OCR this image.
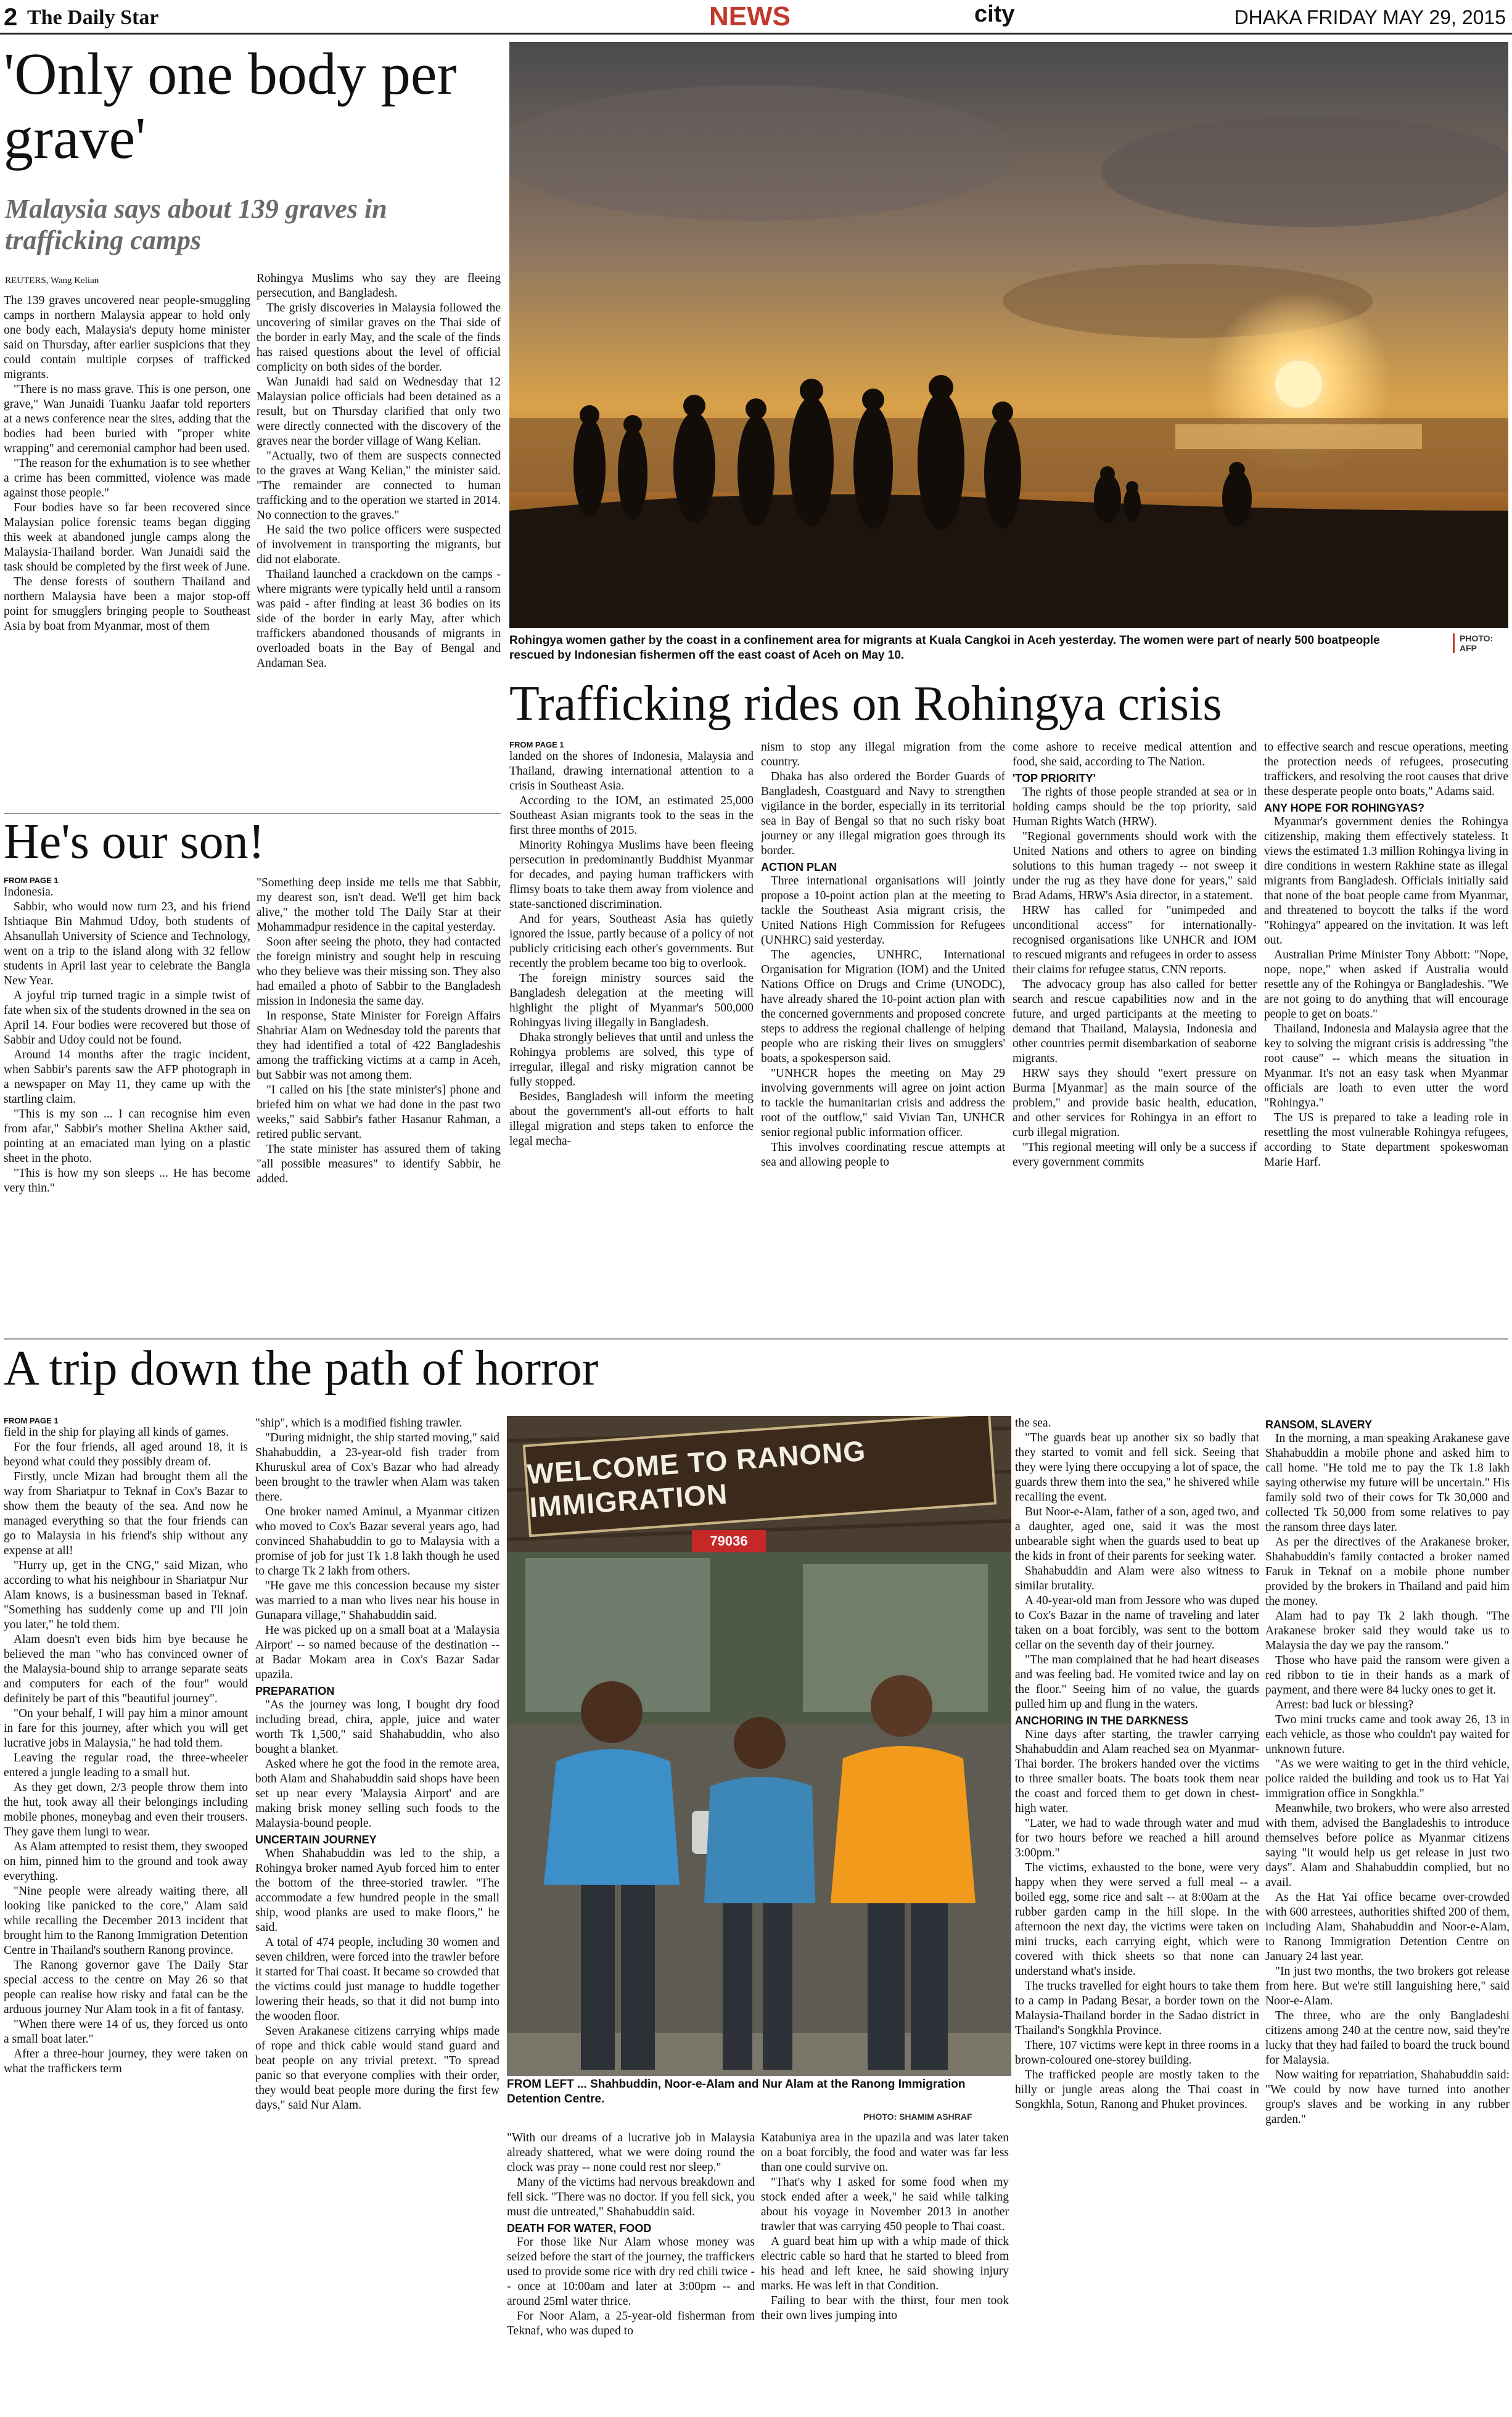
2 The Daily Star	NEWS	city	DHAKA FRIDAY MAY 29, 2015
'Only one body per grave'
Malaysia says about 139 graves in trafficking camps
REUTERS, Wang Kelian

The 139 graves uncovered near people-smuggling camps in northern Malaysia appear to hold only one body each, Malaysia's deputy home minister said on Thursday, after earlier suspicions that they could contain multiple corpses of trafficked migrants.

"There is no mass grave. This is one person, one grave," Wan Junaidi Tuanku Jaafar told reporters at a news conference near the sites, adding that the bodies had been buried with "proper white wrapping" and ceremonial camphor had been used.

"The reason for the exhumation is to see whether a crime has been committed, violence was made against those people."

Four bodies have so far been recovered since Malaysian police forensic teams began digging this week at abandoned jungle camps along the Malaysia-Thailand border. Wan Junaidi said the task should be completed by the first week of June.

The dense forests of southern Thailand and northern Malaysia have been a major stop-off point for smugglers bringing people to Southeast Asia by boat from Myanmar, most of them

Rohingya Muslims who say they are fleeing persecution, and Bangladesh.

The grisly discoveries in Malaysia followed the uncovering of similar graves on the Thai side of the border in early May, and the scale of the finds has raised questions about the level of official complicity on both sides of the border.

Wan Junaidi had said on Wednesday that 12 Malaysian police officials had been detained as a result, but on Thursday clarified that only two were directly connected with the discovery of the graves near the border village of Wang Kelian.

"Actually, two of them are suspects connected to the graves at Wang Kelian," the minister said. "The remainder are connected to human trafficking and to the operation we started in 2014. No connection to the graves."

He said the two police officers were suspected of involvement in transporting the migrants, but did not elaborate.

Thailand launched a crackdown on the camps - where migrants were typically held until a ransom was paid - after finding at least 36 bodies on its side of the border in early May, after which traffickers abandoned thousands of migrants in overloaded boats in the Bay of Bengal and Andaman Sea.

Rohingya women gather by the coast in a confinement area for migrants at Kuala Cangkoi in Aceh yesterday. The women were part of nearly 500 boatpeople rescued by Indonesian fishermen off the east coast of Aceh on May 10.
PHOTO:
AFP
Trafficking rides on Rohingya crisis
FROM PAGE 1

landed on the shores of Indonesia, Malaysia and Thailand, drawing international attention to a crisis in Southeast Asia.

According to the IOM, an estimated 25,000 Southeast Asian migrants took to the seas in the first three months of 2015.

Minority Rohingya Muslims have been fleeing persecution in predominantly Buddhist Myanmar for decades, and paying human traffickers with flimsy boats to take them away from violence and state-sanctioned discrimination.

And for years, Southeast Asia has quietly ignored the issue, partly because of a policy of not publicly criticising each other's governments. But recently the problem became too big to overlook.

The foreign ministry sources said the Bangladesh delegation at the meeting will highlight the plight of Myanmar's 500,000 Rohingyas living illegally in Bangladesh.

Dhaka strongly believes that until and unless the Rohingya problems are solved, this type of irregular, illegal and risky migration cannot be fully stopped.

Besides, Bangladesh will inform the meeting about the government's all-out efforts to halt illegal migration and steps taken to enforce the legal mecha-

nism to stop any illegal migration from the country.

Dhaka has also ordered the Border Guards of Bangladesh, Coastguard and Navy to strengthen vigilance in the border, especially in its territorial sea in Bay of Bengal so that no such risky boat journey or any illegal migration goes through its border.

ACTION PLAN

Three international organisations will jointly propose a 10-point action plan at the meeting to tackle the Southeast Asia migrant crisis, the United Nations High Commission for Refugees (UNHRC) said yesterday.

The agencies, UNHRC, International Organisation for Migration (IOM) and the United Nations Office on Drugs and Crime (UNODC), have already shared the 10-point action plan with the concerned governments and proposed concrete steps to address the regional challenge of helping people who are risking their lives on smugglers' boats, a spokesperson said.

"UNHCR hopes the meeting on May 29 involving governments will agree on joint action to tackle the humanitarian crisis and address the root of the outflow," said Vivian Tan, UNHCR senior regional public information officer.

This involves coordinating rescue attempts at sea and allowing people to

come ashore to receive medical attention and food, she said, according to The Nation.

'TOP PRIORITY'

The rights of those people stranded at sea or in holding camps should be the top priority, said Human Rights Watch (HRW).

"Regional governments should work with the United Nations and others to agree on binding solutions to this human tragedy -- not sweep it under the rug as they have done for years," said Brad Adams, HRW's Asia director, in a statement.

HRW has called for "unimpeded and unconditional access" for internationally-recognised organisations like UNHCR and IOM to rescued migrants and refugees in order to assess their claims for refugee status, CNN reports.

The advocacy group has also called for better search and rescue capabilities now and in the future, and urged participants at the meeting to demand that Thailand, Malaysia, Indonesia and other countries permit disembarkation of seaborne migrants.

HRW says they should "exert pressure on Burma [Myanmar] as the main source of the problem," and provide basic health, education, and other services for Rohingya in an effort to curb illegal migration.

"This regional meeting will only be a success if every government commits

to effective search and rescue operations, meeting the protection needs of refugees, prosecuting traffickers, and resolving the root causes that drive these desperate people onto boats," Adams said.

ANY HOPE FOR ROHINGYAS?

Myanmar's government denies the Rohingya citizenship, making them effectively stateless. It views the estimated 1.3 million Rohingya living in dire conditions in western Rakhine state as illegal migrants from Bangladesh. Officials initially said that none of the boat people came from Myanmar, and threatened to boycott the talks if the word "Rohingya" appeared on the invitation. It was left out.

Australian Prime Minister Tony Abbott: "Nope, nope, nope," when asked if Australia would resettle any of the Rohingya or Bangladeshis. "We are not going to do anything that will encourage people to get on boats."

Thailand, Indonesia and Malaysia agree that the key to solving the migrant crisis is addressing "the root cause" -- which means the situation in Myanmar. It's not an easy task when Myanmar officials are loath to even utter the word "Rohingya."

The US is prepared to take a leading role in resettling the most vulnerable Rohingya refugees, according to State department spokeswoman Marie Harf.

He's our son!
FROM PAGE 1

Indonesia.

Sabbir, who would now turn 23, and his friend Ishtiaque Bin Mahmud Udoy, both students of Ahsanullah University of Science and Technology, went on a trip to the island along with 32 fellow students in April last year to celebrate the Bangla New Year.

A joyful trip turned tragic in a simple twist of fate when six of the students drowned in the sea on April 14. Four bodies were recovered but those of Sabbir and Udoy could not be found.

Around 14 months after the tragic incident, when Sabbir's parents saw the AFP photograph in a newspaper on May 11, they came up with the startling claim.

"This is my son ... I can recognise him even from afar," Sabbir's mother Shelina Akther said, pointing at an emaciated man lying on a plastic sheet in the photo.

"This is how my son sleeps ... He has become very thin."

"Something deep inside me tells me that Sabbir, my dearest son, isn't dead. We'll get him back alive," the mother told The Daily Star at their Mohammadpur residence in the capital yesterday.

Soon after seeing the photo, they had contacted the foreign ministry and sought help in rescuing who they believe was their missing son. They also had emailed a photo of Sabbir to the Bangladesh mission in Indonesia the same day.

In response, State Minister for Foreign Affairs Shahriar Alam on Wednesday told the parents that they had identified a total of 422 Bangladeshis among the trafficking victims at a camp in Aceh, but Sabbir was not among them.

"I called on his [the state minister's] phone and briefed him on what we had done in the past two weeks," said Sabbir's father Hasanur Rahman, a retired public servant.

The state minister has assured them of taking "all possible measures" to identify Sabbir, he added.

A trip down the path of horror
FROM PAGE 1

field in the ship for playing all kinds of games.

For the four friends, all aged around 18, it is beyond what could they possibly dream of.

Firstly, uncle Mizan had brought them all the way from Shariatpur to Teknaf in Cox's Bazar to show them the beauty of the sea. And now he managed everything so that the four friends can go to Malaysia in his friend's ship without any expense at all!

"Hurry up, get in the CNG," said Mizan, who according to what his neighbour in Shariatpur Nur Alam knows, is a businessman based in Teknaf. "Something has suddenly come up and I'll join you later," he told them.

Alam doesn't even bids him bye because he believed the man "who has convinced owner of the Malaysia-bound ship to arrange separate seats and computers for each of the four" would definitely be part of this "beautiful journey".

"On your behalf, I will pay him a minor amount in fare for this journey, after which you will get lucrative jobs in Malaysia," he had told them.

Leaving the regular road, the three-wheeler entered a jungle leading to a small hut.

As they get down, 2/3 people throw them into the hut, took away all their belongings including mobile phones, moneybag and even their trousers. They gave them lungi to wear.

As Alam attempted to resist them, they swooped on him, pinned him to the ground and took away everything.

"Nine people were already waiting there, all looking like panicked to the core," Alam said while recalling the December 2013 incident that brought him to the Ranong Immigration Detention Centre in Thailand's southern Ranong province.

The Ranong governor gave The Daily Star special access to the centre on May 26 so that people can realise how risky and fatal can be the arduous journey Nur Alam took in a fit of fantasy.

"When there were 14 of us, they forced us onto a small boat later."

After a three-hour journey, they were taken on what the traffickers term

"ship", which is a modified fishing trawler.

"During midnight, the ship started moving," said Shahabuddin, a 23-year-old fish trader from Khuruskul area of Cox's Bazar who had already been brought to the trawler when Alam was taken there.

One broker named Aminul, a Myanmar citizen who moved to Cox's Bazar several years ago, had convinced Shahabuddin to go to Malaysia with a promise of job for just Tk 1.8 lakh though he used to charge Tk 2 lakh from others.

"He gave me this concession because my sister was married to a man who lives near his house in Gunapara village," Shahabuddin said.

He was picked up on a small boat at a 'Malaysia Airport' -- so named because of the destination -- at Badar Mokam area in Cox's Bazar Sadar upazila.

PREPARATION

"As the journey was long, I bought dry food including bread, chira, apple, juice and water worth Tk 1,500," said Shahabuddin, who also bought a blanket.

Asked where he got the food in the remote area, both Alam and Shahabuddin said shops have been set up near every 'Malaysia Airport' and are making brisk money selling such foods to the Malaysia-bound people.

UNCERTAIN JOURNEY

When Shahabuddin was led to the ship, a Rohingya broker named Ayub forced him to enter the bottom of the three-storied trawler. "The accommodate a few hundred people in the small ship, wood planks are used to make floors," he said.

A total of 474 people, including 30 women and seven children, were forced into the trawler before it started for Thai coast. It became so crowded that the victims could just manage to huddle together lowering their heads, so that it did not bump into the wooden floor.

Seven Arakanese citizens carrying whips made of rope and thick cable would stand guard and beat people on any trivial pretext. "To spread panic so that everyone complies with their order, they would beat people more during the first few days," said Nur Alam.

WELCOME TO RANONG IMMIGRATION
79036
FROM LEFT ... Shahbuddin, Noor-e-Alam and Nur Alam at the Ranong Immigration Detention Centre.
PHOTO: SHAMIM ASHRAF

"With our dreams of a lucrative job in Malaysia already shattered, what we were doing round the clock was pray -- none could rest nor sleep."

Many of the victims had nervous breakdown and fell sick. "There was no doctor. If you fell sick, you must die untreated," Shahabuddin said.

DEATH FOR WATER, FOOD

For those like Nur Alam whose money was seized before the start of the journey, the traffickers used to provide some rice with dry red chili twice -- once at 10:00am and later at 3:00pm -- and around 25ml water thrice.

For Noor Alam, a 25-year-old fisherman from Teknaf, who was duped to

Katabuniya area in the upazila and was later taken on a boat forcibly, the food and water was far less than one could survive on.

"That's why I asked for some food when my stock ended after a week," he said while talking about his voyage in November 2013 in another trawler that was carrying 450 people to Thai coast.

A guard beat him up with a whip made of thick electric cable so hard that he started to bleed from his head and left knee, he said showing injury marks. He was left in that Condition.

Failing to bear with the thirst, four men took their own lives jumping into

the sea.

"The guards beat up another six so badly that they started to vomit and fell sick. Seeing that they were lying there occupying a lot of space, the guards threw them into the sea," he shivered while recalling the event.

But Noor-e-Alam, father of a son, aged two, and a daughter, aged one, said it was the most unbearable sight when the guards used to beat up the kids in front of their parents for seeking water.

Shahabuddin and Alam were also witness to similar brutality.

A 40-year-old man from Jessore who was duped to Cox's Bazar in the name of traveling and later taken on a boat forcibly, was sent to the bottom cellar on the seventh day of their journey.

"The man complained that he had heart diseases and was feeling bad. He vomited twice and lay on the floor." Seeing him of no value, the guards pulled him up and flung in the waters.

ANCHORING IN THE DARKNESS

Nine days after starting, the trawler carrying Shahabuddin and Alam reached sea on Myanmar-Thai border. The brokers handed over the victims to three smaller boats. The boats took them near the coast and forced them to get down in chest-high water.

"Later, we had to wade through water and mud for two hours before we reached a hill around 3:00pm."

The victims, exhausted to the bone, were very happy when they were served a full meal -- a boiled egg, some rice and salt -- at 8:00am at the rubber garden camp in the hill slope. In the afternoon the next day, the victims were taken on mini trucks, each carrying eight, which were covered with thick sheets so that none can understand what's inside.

The trucks travelled for eight hours to take them to a camp in Padang Besar, a border town on the Malaysia-Thailand border in the Sadao district in Thailand's Songkhla Province.

There, 107 victims were kept in three rooms in a brown-coloured one-storey building.

The trafficked people are mostly taken to the hilly or jungle areas along the Thai coast in Songkhla, Sotun, Ranong and Phuket provinces.

RANSOM, SLAVERY

In the morning, a man speaking Arakanese gave Shahabuddin a mobile phone and asked him to call home. "He told me to pay the Tk 1.8 lakh saying otherwise my future will be uncertain." His family sold two of their cows for Tk 30,000 and collected Tk 50,000 from some relatives to pay the ransom three days later.

As per the directives of the Arakanese broker, Shahabuddin's family contacted a broker named Faruk in Teknaf on a mobile phone number provided by the brokers in Thailand and paid him the money.

Alam had to pay Tk 2 lakh though. "The Arakanese broker said they would take us to Malaysia the day we pay the ransom."

Those who have paid the ransom were given a red ribbon to tie in their hands as a mark of payment, and there were 84 lucky ones to get it.

Arrest: bad luck or blessing?

Two mini trucks came and took away 26, 13 in each vehicle, as those who couldn't pay waited for unknown future.

"As we were waiting to get in the third vehicle, police raided the building and took us to Hat Yai immigration office in Songkhla."

Meanwhile, two brokers, who were also arrested with them, advised the Bangladeshis to introduce themselves before police as Myanmar citizens saying "it would help us get release in just two days". Alam and Shahabuddin complied, but no avail.

As the Hat Yai office became over-crowded with 600 arrestees, authorities shifted 200 of them, including Alam, Shahabuddin and Noor-e-Alam, to Ranong Immigration Detention Centre on January 24 last year.

"In just two months, the two brokers got release from here. But we're still languishing here," said Noor-e-Alam.

The three, who are the only Bangladeshi citizens among 240 at the centre now, said they're lucky that they had failed to board the truck bound for Malaysia.

Now waiting for repatriation, Shahabuddin said: "We could by now have turned into another group's slaves and be working in any rubber garden."
